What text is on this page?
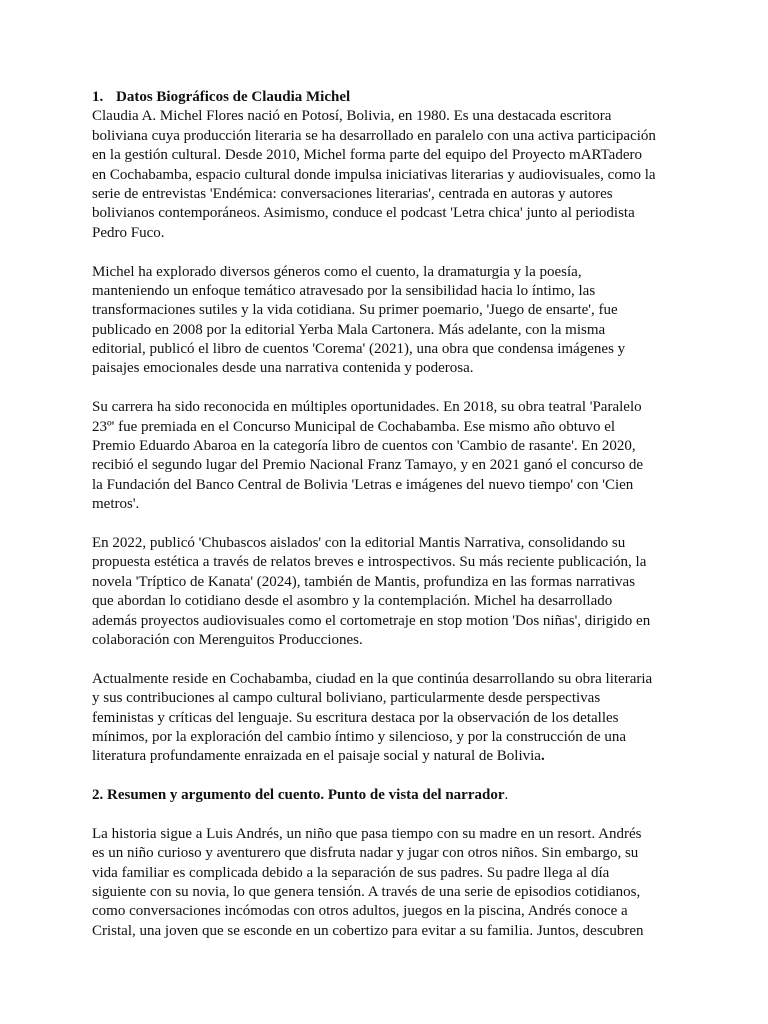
1. Datos Biográficos de Claudia Michel
Claudia A. Michel Flores nació en Potosí, Bolivia, en 1980. Es una destacada escritora
boliviana cuya producción literaria se ha desarrollado en paralelo con una activa participación
en la gestión cultural. Desde 2010, Michel forma parte del equipo del Proyecto mARTadero
en Cochabamba, espacio cultural donde impulsa iniciativas literarias y audiovisuales, como la
serie de entrevistas 'Endémica: conversaciones literarias', centrada en autoras y autores
bolivianos contemporáneos. Asimismo, conduce el podcast 'Letra chica' junto al periodista
Pedro Fuco.
Michel ha explorado diversos géneros como el cuento, la dramaturgia y la poesía,
manteniendo un enfoque temático atravesado por la sensibilidad hacia lo íntimo, las
transformaciones sutiles y la vida cotidiana. Su primer poemario, 'Juego de ensarte', fue
publicado en 2008 por la editorial Yerba Mala Cartonera. Más adelante, con la misma
editorial, publicó el libro de cuentos 'Corema' (2021), una obra que condensa imágenes y
paisajes emocionales desde una narrativa contenida y poderosa.
Su carrera ha sido reconocida en múltiples oportunidades. En 2018, su obra teatral 'Paralelo
23º' fue premiada en el Concurso Municipal de Cochabamba. Ese mismo año obtuvo el
Premio Eduardo Abaroa en la categoría libro de cuentos con 'Cambio de rasante'. En 2020,
recibió el segundo lugar del Premio Nacional Franz Tamayo, y en 2021 ganó el concurso de
la Fundación del Banco Central de Bolivia 'Letras e imágenes del nuevo tiempo' con 'Cien
metros'.
En 2022, publicó 'Chubascos aislados' con la editorial Mantis Narrativa, consolidando su
propuesta estética a través de relatos breves e introspectivos. Su más reciente publicación, la
novela 'Tríptico de Kanata' (2024), también de Mantis, profundiza en las formas narrativas
que abordan lo cotidiano desde el asombro y la contemplación. Michel ha desarrollado
además proyectos audiovisuales como el cortometraje en stop motion 'Dos niñas', dirigido en
colaboración con Merenguitos Producciones.
Actualmente reside en Cochabamba, ciudad en la que continúa desarrollando su obra literaria
y sus contribuciones al campo cultural boliviano, particularmente desde perspectivas
feministas y críticas del lenguaje. Su escritura destaca por la observación de los detalles
mínimos, por la exploración del cambio íntimo y silencioso, y por la construcción de una
literatura profundamente enraizada en el paisaje social y natural de Bolivia.
2. Resumen y argumento del cuento. Punto de vista del narrador.
La historia sigue a Luis Andrés, un niño que pasa tiempo con su madre en un resort. Andrés
es un niño curioso y aventurero que disfruta nadar y jugar con otros niños. Sin embargo, su
vida familiar es complicada debido a la separación de sus padres. Su padre llega al día
siguiente con su novia, lo que genera tensión. A través de una serie de episodios cotidianos,
como conversaciones incómodas con otros adultos, juegos en la piscina, Andrés conoce a
Cristal, una joven que se esconde en un cobertizo para evitar a su familia. Juntos, descubren
